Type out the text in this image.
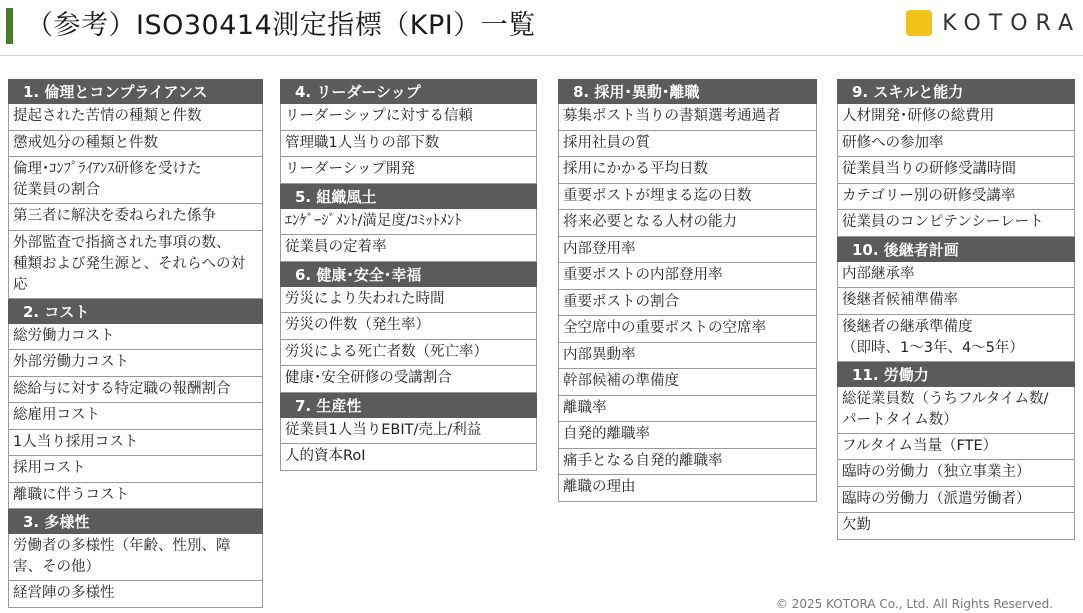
（参考）ISO30414測定指標（KPI）一覧	KOTORA
1. 倫理とコンプライアンス
提起された苦情の種類と件数
懲戒処分の種類と件数
倫理･ｺﾝﾌﾟﾗｲｱﾝｽ研修を受けた
従業員の割合
第三者に解決を委ねられた係争
外部監査で指摘された事項の数、
種類および発生源と、それらへの対応
2. コスト
総労働力コスト
外部労働力コスト
総給与に対する特定職の報酬割合
総雇用コスト
1人当り採用コスト
採用コスト
離職に伴うコスト
3. 多様性
労働者の多様性（年齢、性別、障
害、その他）
経営陣の多様性
4. リーダーシップ
リーダーシップに対する信頼
管理職1人当りの部下数
リーダーシップ開発
5. 組織風土
ｴﾝｹﾞｰｼﾞﾒﾝﾄ/満足度/ｺﾐｯﾄﾒﾝﾄ
従業員の定着率
6. 健康･安全･幸福
労災により失われた時間
労災の件数（発生率）
労災による死亡者数（死亡率）
健康･安全研修の受講割合
7. 生産性
従業員1人当りEBIT/売上/利益
人的資本RoI
8. 採用･異動･離職
募集ポスト当りの書類選考通過者
採用社員の質
採用にかかる平均日数
重要ポストが埋まる迄の日数
将来必要となる人材の能力
内部登用率
重要ポストの内部登用率
重要ポストの割合
全空席中の重要ポストの空席率
内部異動率
幹部候補の準備度
離職率
自発的離職率
痛手となる自発的離職率
離職の理由
9. スキルと能力
人材開発･研修の総費用
研修への参加率
従業員当りの研修受講時間
カテゴリー別の研修受講率
従業員のコンピテンシーレート
10. 後継者計画
内部継承率
後継者候補準備率
後継者の継承準備度
（即時、1～3年、4～5年）
11. 労働力
総従業員数（うちフルタイム数/
パートタイム数）
フルタイム当量（FTE）
臨時の労働力（独立事業主）
臨時の労働力（派遣労働者）
欠勤
© 2025 KOTORA Co., Ltd. All Rights Reserved.
